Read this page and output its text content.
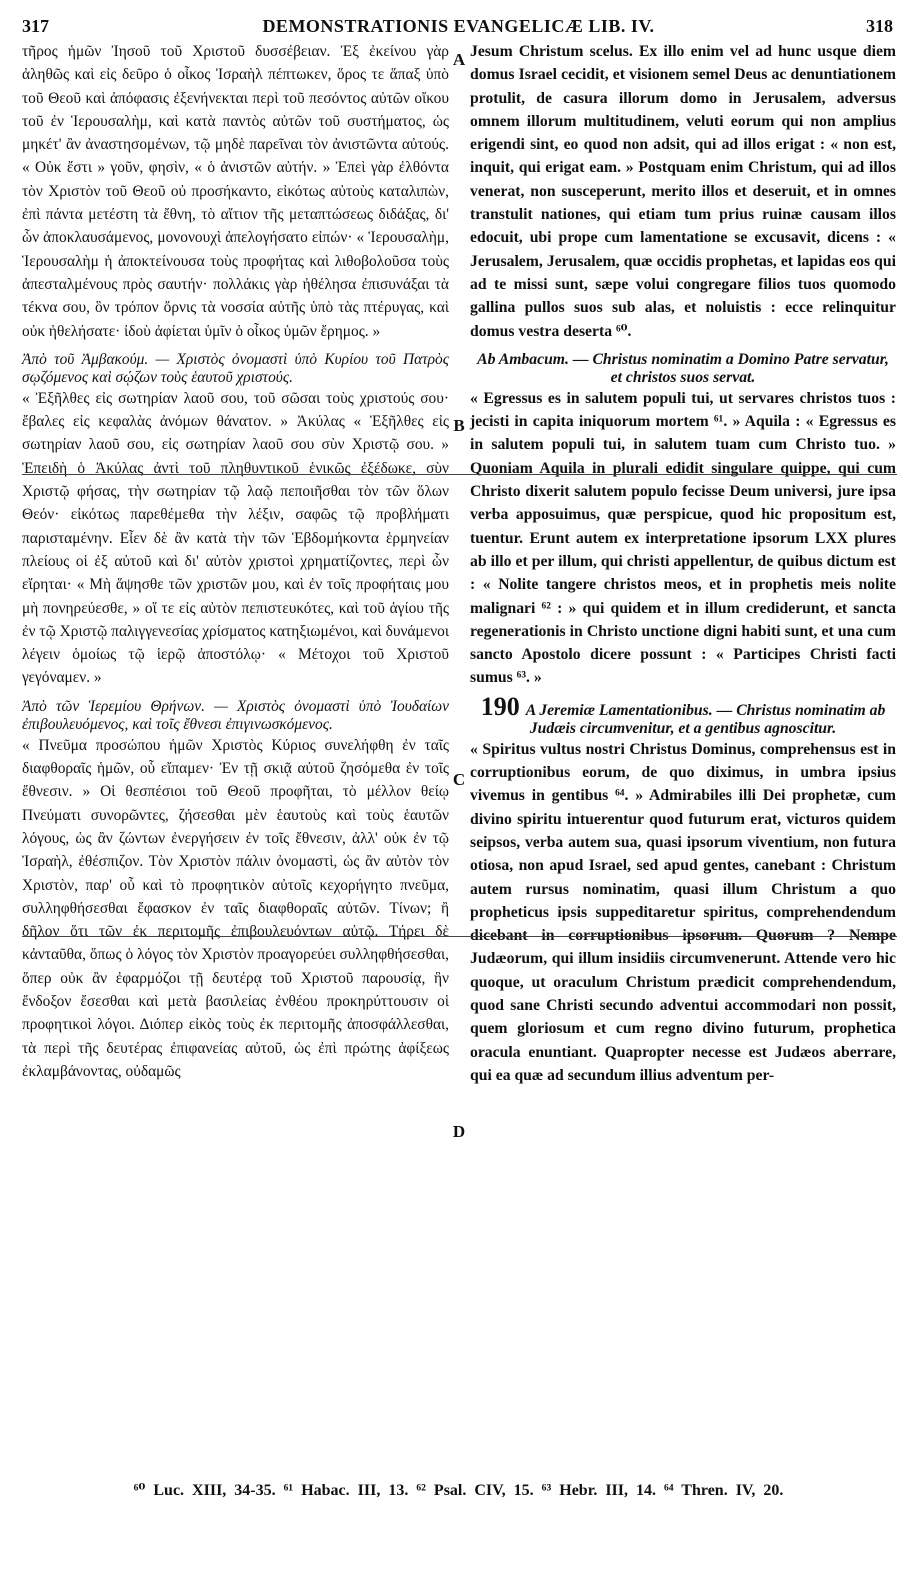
317	DEMONSTRATIONIS EVANGELICÆ LIB. IV.	318

τῆρος ἡμῶν Ἰησοῦ τοῦ Χριστοῦ δυσσέβειαν. Ἐξ ἐκείνου γὰρ ἀληθῶς καὶ εἰς δεῦρο ὁ οἶκος Ἰσραὴλ πέπτωκεν, ὅρος τε ἅπαξ ὑπὸ τοῦ Θεοῦ καὶ ἀπόφασις ἐξενήνεκται περὶ τοῦ πεσόντος αὐτῶν οἴκου τοῦ ἐν Ἱερουσαλὴμ, καὶ κατὰ παντὸς αὐτῶν τοῦ συστήματος, ὡς μηκέτ' ἂν ἀναστησομένων, τῷ μηδὲ παρεῖναι τὸν ἀνιστῶντα αὐτούς. « Οὐκ ἔστι » γοῦν, φησὶν, « ὁ ἀνιστῶν αὐτήν. » Ἐπεὶ γὰρ ἐλθόντα τὸν Χριστὸν τοῦ Θεοῦ οὐ προσήκαντο, εἰκότως αὐτοὺς καταλιπὼν, ἐπὶ πάντα μετέστη τὰ ἔθνη, τὸ αἴτιον τῆς μεταπτώσεως διδάξας, δι' ὧν ἀποκλαυσάμενος, μονονουχὶ ἀπελογήσατο εἰπών· « Ἱερουσαλὴμ, Ἱερουσαλὴμ ἡ ἀποκτείνουσα τοὺς προφήτας καὶ λιθοβολοῦσα τοὺς ἀπεσταλμένους πρὸς σαυτήν· πολλάκις γὰρ ἠθέλησα ἐπισυνάξαι τὰ τέκνα σου, ὃν τρόπον ὄρνις τὰ νοσσία αὐτῆς ὑπὸ τὰς πτέρυγας, καὶ οὐκ ἠθελήσατε· ἰδοὺ ἀφίεται ὑμῖν ὁ οἶκος ὑμῶν ἔρημος. »

Ἀπὸ τοῦ Ἀμβακούμ. — Χριστὸς ὀνομαστὶ ὑπὸ Κυρίου τοῦ Πατρὸς σῳζόμενος καὶ σῴζων τοὺς ἑαυτοῦ χριστούς.

« Ἐξῆλθες εἰς σωτηρίαν λαοῦ σου, τοῦ σῶσαι τοὺς χριστούς σου· ἔβαλες εἰς κεφαλὰς ἀνόμων θάνατον. » Ἀκύλας « Ἐξῆλθες εἰς σωτηρίαν λαοῦ σου, εἰς σωτηρίαν λαοῦ σου σὺν Χριστῷ σου. » Ἐπειδὴ ὁ Ἀκύλας ἀντὶ τοῦ πληθυντικοῦ ἑνικῶς ἐξέδωκε, σὺν Χριστῷ φήσας, τὴν σωτηρίαν τῷ λαῷ πεποιῆσθαι τὸν τῶν ὅλων Θεόν· εἰκότως παρεθέμεθα τὴν λέξιν, σαφῶς τῷ προβλήματι παρισταμένην. Εἶεν δὲ ἂν κατὰ τὴν τῶν Ἑβδομήκοντα ἑρμηνείαν πλείους οἱ ἐξ αὐτοῦ καὶ δι' αὐτὸν χριστοὶ χρηματίζοντες, περὶ ὧν εἴρηται· « Μὴ ἅψησθε τῶν χριστῶν μου, καὶ ἐν τοῖς προφήταις μου μὴ πονηρεύεσθε, » οἵ τε εἰς αὐτὸν πεπιστευκότες, καὶ τοῦ ἁγίου τῆς ἐν τῷ Χριστῷ παλιγγενεσίας χρίσματος κατηξιωμένοι, καὶ δυνάμενοι λέγειν ὁμοίως τῷ ἱερῷ ἀποστόλῳ· « Μέτοχοι τοῦ Χριστοῦ γεγόναμεν. »

Ἀπὸ τῶν Ἱερεμίου Θρήνων. — Χριστὸς ὀνομαστὶ ὑπὸ Ἰουδαίων ἐπιβουλευόμενος, καὶ τοῖς ἔθνεσι ἐπιγινωσκόμενος.

« Πνεῦμα προσώπου ἡμῶν Χριστὸς Κύριος συνελήφθη ἐν ταῖς διαφθοραῖς ἡμῶν, οὗ εἴπαμεν· Ἐν τῇ σκιᾷ αὐτοῦ ζησόμεθα ἐν τοῖς ἔθνεσιν. » Οἱ θεσπέσιοι τοῦ Θεοῦ προφῆται, τὸ μέλλον θείῳ Πνεύματι συνορῶντες, ζήσεσθαι μὲν ἑαυτοὺς καὶ τοὺς ἑαυτῶν λόγους, ὡς ἂν ζώντων ἐνεργήσειν ἐν τοῖς ἔθνεσιν, ἀλλ' οὐκ ἐν τῷ Ἰσραὴλ, ἐθέσπιζον. Τὸν Χριστὸν πάλιν ὀνομαστὶ, ὡς ἂν αὐτὸν τὸν Χριστὸν, παρ' οὗ καὶ τὸ προφητικὸν αὐτοῖς κεχορήγητο πνεῦμα, συλληφθήσεσθαι ἔφασκον ἐν ταῖς διαφθοραῖς αὐτῶν. Τίνων; ἢ δῆλον ὅτι τῶν ἐκ περιτομῆς ἐπιβουλευόντων αὐτῷ. Τήρει δὲ κἀνταῦθα, ὅπως ὁ λόγος τὸν Χριστὸν προαγορεύει συλληφθήσεσθαι, ὅπερ οὐκ ἂν ἐφαρμόζοι τῇ δευτέρᾳ τοῦ Χριστοῦ παρουσίᾳ, ἣν ἔνδοξον ἔσεσθαι καὶ μετὰ βασιλείας ἐνθέου προκηρύττουσιν οἱ προφητικοὶ λόγοι. Διόπερ εἰκὸς τοὺς ἐκ περιτομῆς ἀποσφάλλεσθαι, τὰ περὶ τῆς δευτέρας ἐπιφανείας αὐτοῦ, ὡς ἐπὶ πρώτης ἀφίξεως ἐκλαμβάνοντας, οὐδαμῶς

Jesum Christum scelus. Ex illo enim vel ad hunc usque diem domus Israel cecidit, et visionem semel Deus ac denuntiationem protulit, de casura illorum domo in Jerusalem, adversus omnem illorum multitudinem, veluti eorum qui non amplius erigendi sint, eo quod non adsit, qui ad illos erigat : « non est, inquit, qui erigat eam. » Postquam enim Christum, qui ad illos venerat, non susceperunt, merito illos et deseruit, et in omnes transtulit nationes, qui etiam tum prius ruinæ causam illos edocuit, ubi prope cum lamentatione se excusavit, dicens : « Jerusalem, Jerusalem, quæ occidis prophetas, et lapidas eos qui ad te missi sunt, sæpe volui congregare filios tuos quomodo gallina pullos suos sub alas, et noluistis : ecce relinquitur domus vestra deserta ⁶⁰.

Ab Ambacum. — Christus nominatim a Domino Patre servatur, et christos suos servat.

« Egressus es in salutem populi tui, ut servares christos tuos : jecisti in capita iniquorum mortem ⁶¹. » Aquila : « Egressus es in salutem populi tui, in salutem tuam cum Christo tuo. » Quoniam Aquila in plurali edidit singulare quippe, qui cum Christo dixerit salutem populo fecisse Deum universi, jure ipsa verba apposuimus, quæ perspicue, quod hic propositum est, tuentur. Erunt autem ex interpretatione ipsorum LXX plures ab illo et per illum, qui christi appellentur, de quibus dictum est : « Nolite tangere christos meos, et in prophetis meis nolite malignari ⁶² : » qui quidem et in illum crediderunt, et sancta regenerationis in Christo unctione digni habiti sunt, et una cum sancto Apostolo dicere possunt : « Participes Christi facti sumus ⁶³. »

190 A Jeremiæ Lamentationibus. — Christus nominatim ab Judæis circumvenitur, et a gentibus agnoscitur.

« Spiritus vultus nostri Christus Dominus, comprehensus est in corruptionibus eorum, de quo diximus, in umbra ipsius vivemus in gentibus ⁶⁴. » Admirabiles illi Dei prophetæ, cum divino spiritu intuerentur quod futurum erat, victuros quidem seipsos, verba autem sua, quasi ipsorum viventium, non futura otiosa, non apud Israel, sed apud gentes, canebant : Christum autem rursus nominatim, quasi illum Christum a quo propheticus ipsis suppeditaretur spiritus, comprehendendum dicebant in corruptionibus ipsorum. Quorum ? Nempe Judæorum, qui illum insidiis circumvenerunt. Attende vero hic quoque, ut oraculum Christum prædicit comprehendendum, quod sane Christi secundo adventui accommodari non possit, quem gloriosum et cum regno divino futurum, prophetica oracula enuntiant. Quapropter necesse est Judæos aberrare, qui ea quæ ad secundum illius adventum per-

A
B
C
D
⁶⁰ Luc. XIII, 34-35. ⁶¹ Habac. III, 13. ⁶² Psal. CIV, 15. ⁶³ Hebr. III, 14. ⁶⁴ Thren. IV, 20.
